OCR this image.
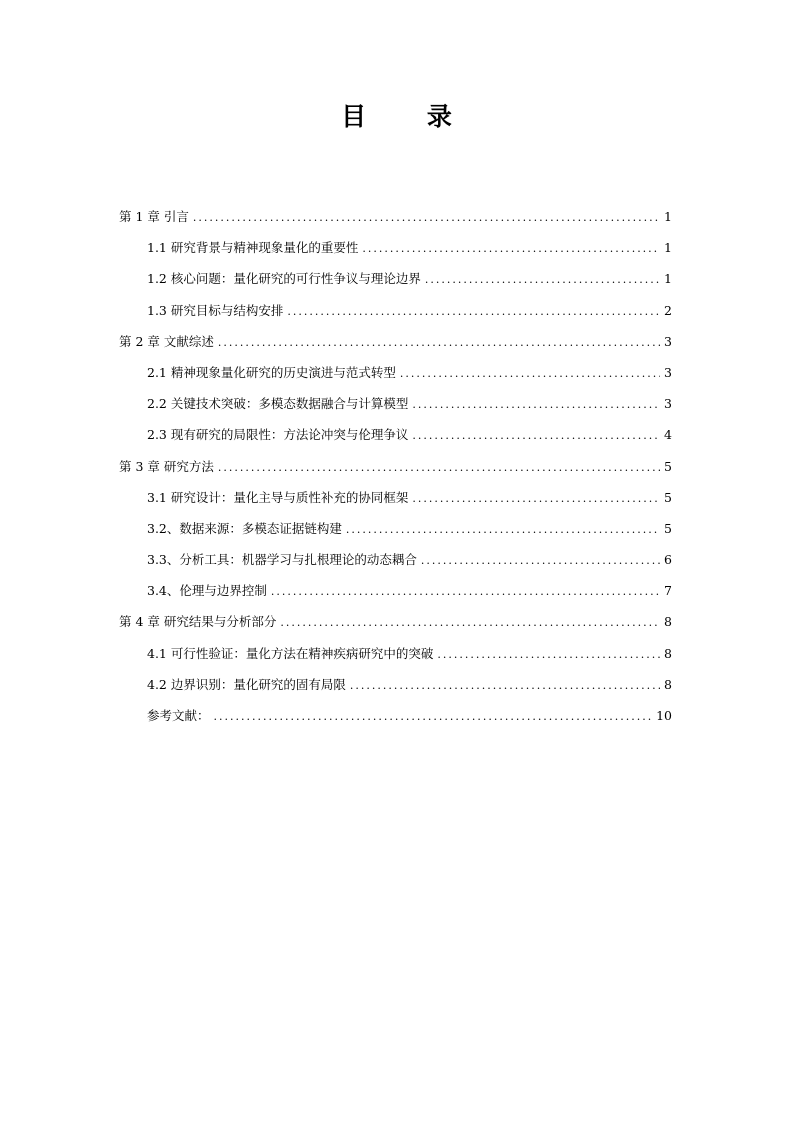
目 录
第 1 章 引言 .....	1
1.1 研究背景与精神现象量化的重要性 .....	1
1.2 核心问题：量化研究的可行性争议与理论边界 .....	1
1.3 研究目标与结构安排 .....	2
第 2 章 文献综述 .....	3
2.1 精神现象量化研究的历史演进与范式转型 .....	3
2.2 关键技术突破：多模态数据融合与计算模型 .....	3
2.3 现有研究的局限性：方法论冲突与伦理争议 .....	4
第 3 章 研究方法 .....	5
3.1 研究设计：量化主导与质性补充的协同框架 .....	5
3.2、数据来源：多模态证据链构建 .....	5
3.3、分析工具：机器学习与扎根理论的动态耦合 .....	6
3.4、伦理与边界控制 .....	7
第 4 章 研究结果与分析部分 .....	8
4.1 可行性验证：量化方法在精神疾病研究中的突破 .....	8
4.2 边界识别：量化研究的固有局限 .....	8
参考文献： .....	10
